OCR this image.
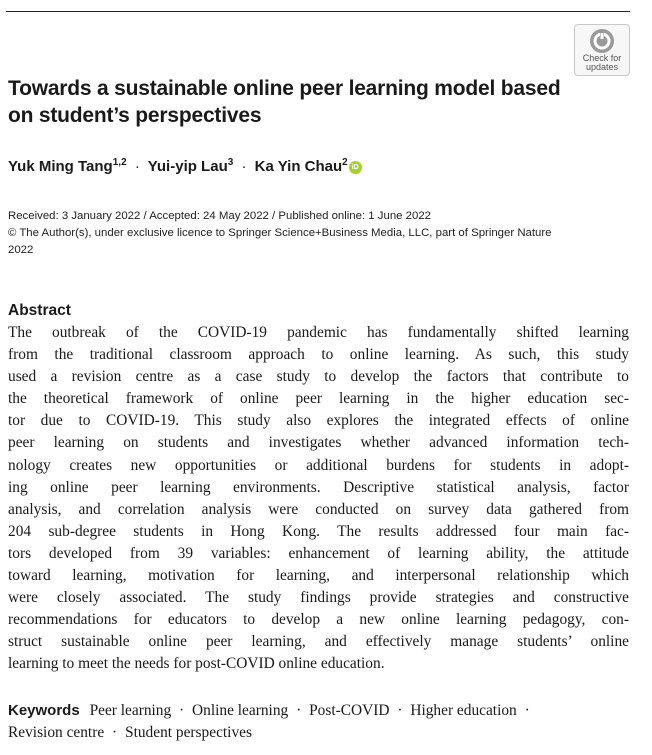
Check for
updates
Towards a sustainable online peer learning model based on student’s perspectives
Yuk Ming Tang$^{1,2}$ · Yui-yip Lau$^3$ · Ka Yin Chau$^2$ iD
Received: 3 January 2022 / Accepted: 24 May 2022 / Published online: 1 June 2022
© The Author(s), under exclusive licence to Springer Science+Business Media, LLC, part of Springer Nature
2022
Abstract
The outbreak of the COVID-19 pandemic has fundamentally shifted learning
from the traditional classroom approach to online learning. As such, this study
used a revision centre as a case study to develop the factors that contribute to
the theoretical framework of online peer learning in the higher education sec-
tor due to COVID-19. This study also explores the integrated effects of online
peer learning on students and investigates whether advanced information tech-
nology creates new opportunities or additional burdens for students in adopt-
ing online peer learning environments. Descriptive statistical analysis, factor
analysis, and correlation analysis were conducted on survey data gathered from
204 sub-degree students in Hong Kong. The results addressed four main fac-
tors developed from 39 variables: enhancement of learning ability, the attitude
toward learning, motivation for learning, and interpersonal relationship which
were closely associated. The study findings provide strategies and constructive
recommendations for educators to develop a new online learning pedagogy, con-
struct sustainable online peer learning, and effectively manage students’ online
learning to meet the needs for post-COVID online education.
Keywords Peer learning · Online learning · Post-COVID · Higher education ·
Revision centre · Student perspectives
